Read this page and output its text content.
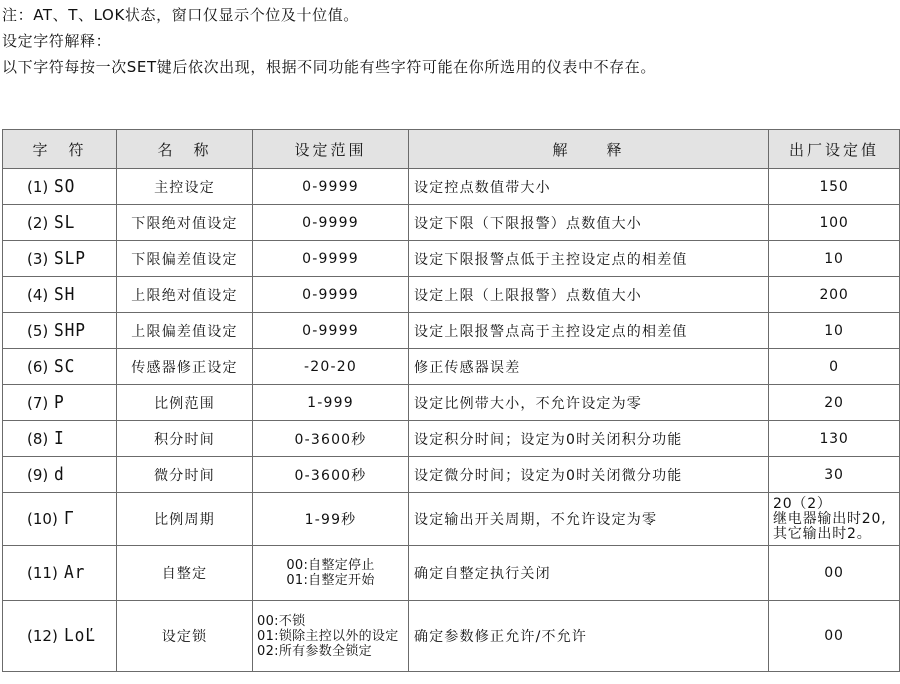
注：AT、T、LOK状态，窗口仅显示个位及十位值。

设定字符解释：

以下字符每按一次SET键后依次出现，根据不同功能有些字符可能在你所选用的仪表中不存在。

字　符	名　称	设定范围	解　　释	出厂设定值
(1) SO	主控设定	0-9999	设定控点数值带大小	150
(2) SL	下限绝对值设定	0-9999	设定下限（下限报警）点数值大小	100
(3) SLP	下限偏差值设定	0-9999	设定下限报警点低于主控设定点的相差值	10
(4) SH	上限绝对值设定	0-9999	设定上限（上限报警）点数值大小	200
(5) SHP	上限偏差值设定	0-9999	设定上限报警点高于主控设定点的相差值	10
(6) SC	传感器修正设定	-20-20	修正传感器误差	0
(7) P	比例范围	1-999	设定比例带大小，不允许设定为零	20
(8) I	积分时间	0-3600秒	设定积分时间；设定为0时关闭积分功能	130
(9) d	微分时间	0-3600秒	设定微分时间；设定为0时关闭微分功能	30
(10) Γ	比例周期	1-99秒	设定输出开关周期，不允许设定为零	20（2）
继电器输出时20,
其它输出时2。
(11) Ar	自整定	00:自整定停止
01:自整定开始	确定自整定执行关闭	00
(12) LoĽ	设定锁	00:不锁
01:锁除主控以外的设定
02:所有参数全锁定	确定参数修正允许/不允许	00
